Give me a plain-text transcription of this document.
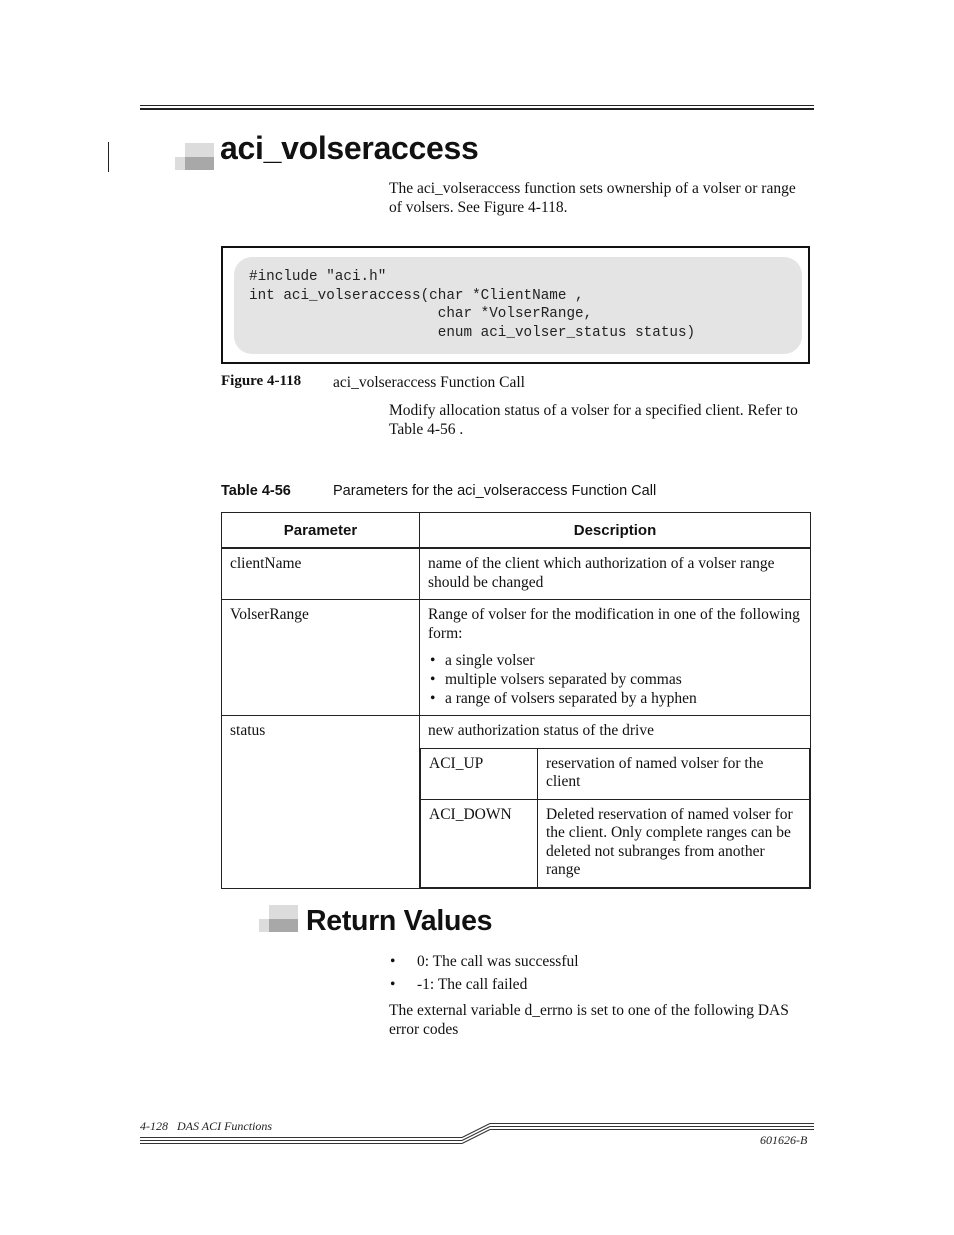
aci_volseraccess
The aci_volseraccess function sets ownership of a volser or range of volsers. See Figure 4-118.
#include "aci.h"
int aci_volseraccess(char *ClientName ,
char *VolserRange,
enum aci_volser_status status)
Figure 4-118 aci_volseraccess Function Call
Modify allocation status of a volser for a specified client. Refer to Table 4-56 .
Table 4-56	Parameters for the aci_volseraccess Function Call
Parameter	Description
clientName	name of the client which authorization of a volser range should be changed
VolserRange	Range of volser for the modification in one of the following form:
• a single volser
• multiple volsers separated by commas
• a range of volsers separated by a hyphen

status	new authorization status of the drive
ACI_UP	reservation of named volser for the client
ACI_DOWN	Deleted reservation of named volser for the client. Only complete ranges can be deleted not subranges from another range
Return Values
• 0: The call was successful
• -1: The call failed
The external variable d_errno is set to one of the following DAS error codes
4-128   DAS ACI Functions
601626-B
